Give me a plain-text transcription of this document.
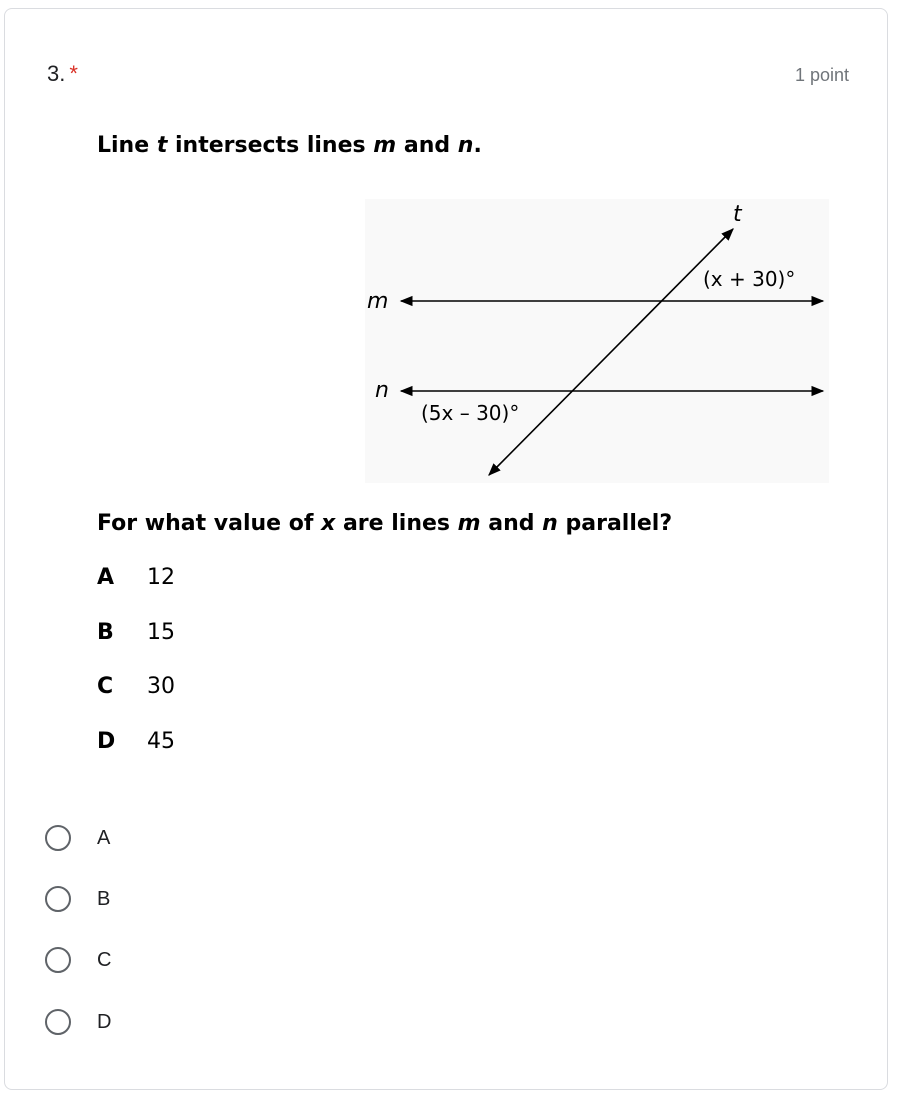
3. *	1 point
Line t intersects lines m and n.
t
m
n
(x + 30)°
(5x – 30)°
For what value of x are lines m and n parallel?
A 12
B 15
C 30
D 45
A
B
C
D
